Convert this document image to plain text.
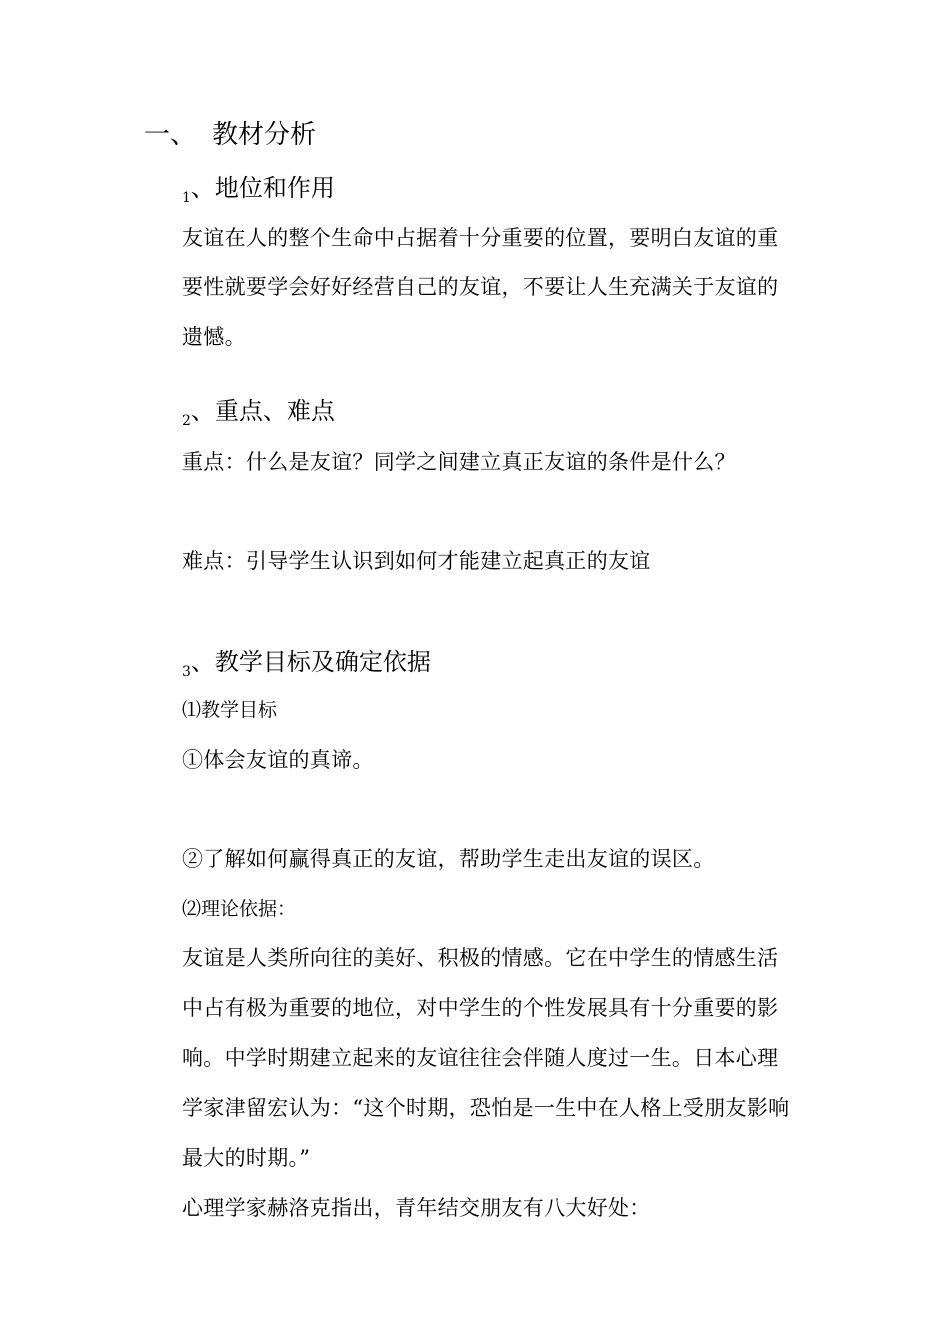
一、 教材分析
$_1$、地位和作用
友谊在人的整个生命中占据着十分重要的位置，要明白友谊的重
要性就要学会好好经营自己的友谊，不要让人生充满关于友谊的
遗憾。
$_2$、重点、难点
重点：什么是友谊？同学之间建立真正友谊的条件是什么？
难点：引导学生认识到如何才能建立起真正的友谊
$_3$、教学目标及确定依据
⑴教学目标
①体会友谊的真谛。
②了解如何赢得真正的友谊，帮助学生走出友谊的误区。
⑵理论依据：
友谊是人类所向往的美好、积极的情感。它在中学生的情感生活
中占有极为重要的地位，对中学生的个性发展具有十分重要的影
响。中学时期建立起来的友谊往往会伴随人度过一生。日本心理
学家津留宏认为：“这个时期，恐怕是一生中在人格上受朋友影响
最大的时期。”
心理学家赫洛克指出，青年结交朋友有八大好处：
